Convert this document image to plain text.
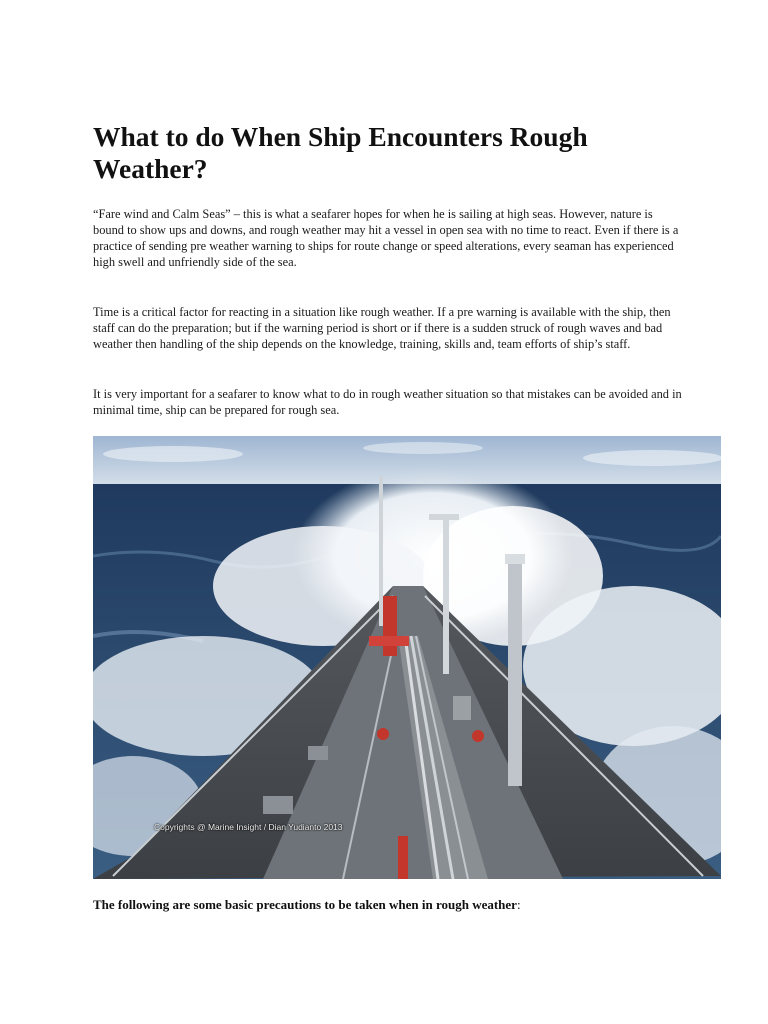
What to do When Ship Encounters Rough Weather?

“Fare wind and Calm Seas” – this is what a seafarer hopes for when he is sailing at high seas. However, nature is bound to show ups and downs, and rough weather may hit a vessel in open sea with no time to react. Even if there is a practice of sending pre weather warning to ships for route change or speed alterations, every seaman has experienced high swell and unfriendly side of the sea.

Time is a critical factor for reacting in a situation like rough weather. If a pre warning is available with the ship, then staff can do the preparation; but if the warning period is short or if there is a sudden struck of rough waves and bad weather then handling of the ship depends on the knowledge, training, skills and, team efforts of ship’s staff.

It is very important for a seafarer to know what to do in rough weather situation so that mistakes can be avoided and in minimal time, ship can be prepared for rough sea.

Copyrights @ Marine Insight / Dian Yudianto 2013

The following are some basic precautions to be taken when in rough weather:
